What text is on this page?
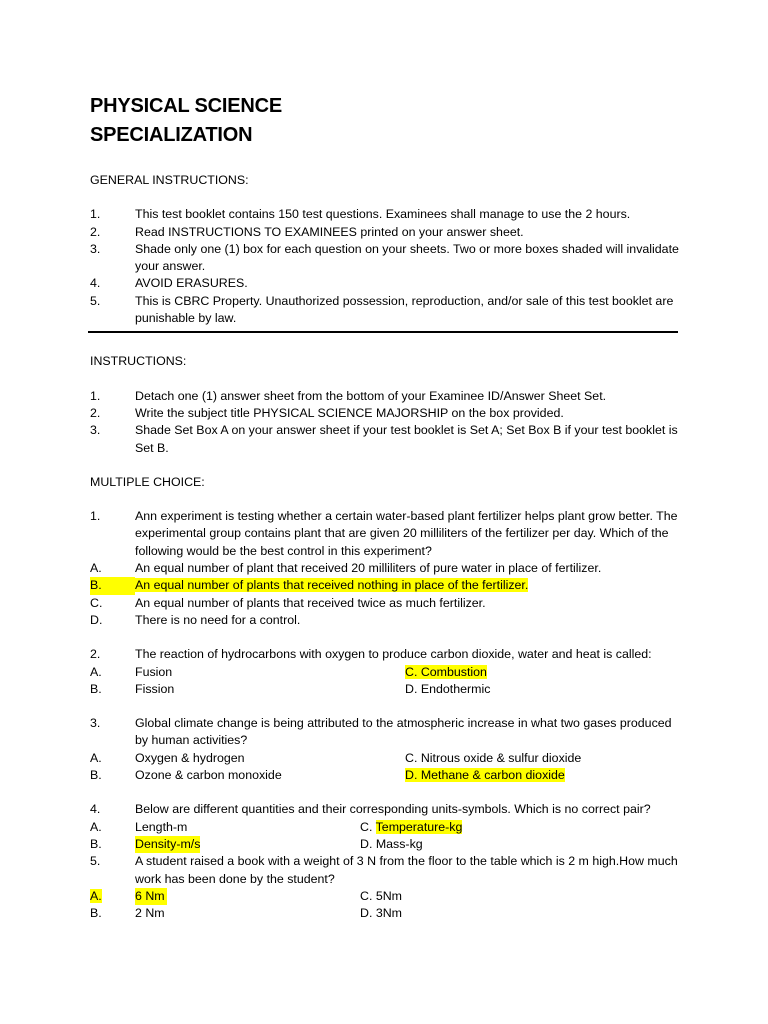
PHYSICAL SCIENCE
SPECIALIZATION
GENERAL INSTRUCTIONS:
1.	This test booklet contains 150 test questions. Examinees shall manage to use the 2 hours.
2.	Read INSTRUCTIONS TO EXAMINEES printed on your answer sheet.
3.	Shade only one (1) box for each question on your sheets. Two or more boxes shaded will invalidate your answer.
4.	AVOID ERASURES.
5.	This is CBRC Property. Unauthorized possession, reproduction, and/or sale of this test booklet are punishable by law.
INSTRUCTIONS:
1.	Detach one (1) answer sheet from the bottom of your Examinee ID/Answer Sheet Set.
2.	Write the subject title PHYSICAL SCIENCE MAJORSHIP on the box provided.
3.	Shade Set Box A on your answer sheet if your test booklet is Set A; Set Box B if your test booklet is Set B.
MULTIPLE CHOICE:
1.	Ann experiment is testing whether a certain water-based plant fertilizer helps plant grow better. The experimental group contains plant that are given 20 milliliters of the fertilizer per day. Which of the following would be the best control in this experiment?
A.	An equal number of plant that received 20 milliliters of pure water in place of fertilizer.
B.	An equal number of plants that received nothing in place of the fertilizer.
C.	An equal number of plants that received twice as much fertilizer.
D.	There is no need for a control.
2.	The reaction of hydrocarbons with oxygen to produce carbon dioxide, water and heat is called:
A.	Fusion	C. Combustion
B.	Fission	D. Endothermic
3.	Global climate change is being attributed to the atmospheric increase in what two gases produced by human activities?
A.	Oxygen & hydrogen	C. Nitrous oxide & sulfur dioxide
B.	Ozone & carbon monoxide	D. Methane & carbon dioxide
4.	Below are different quantities and their corresponding units-symbols. Which is no correct pair?
A.	Length-m	C. Temperature-kg
B.	Density-m/s	D. Mass-kg
5.	A student raised a book with a weight of 3 N from the floor to the table which is 2 m high.How much work has been done by the student?
A.	6 Nm	C. 5Nm
B.	2 Nm	D. 3Nm
